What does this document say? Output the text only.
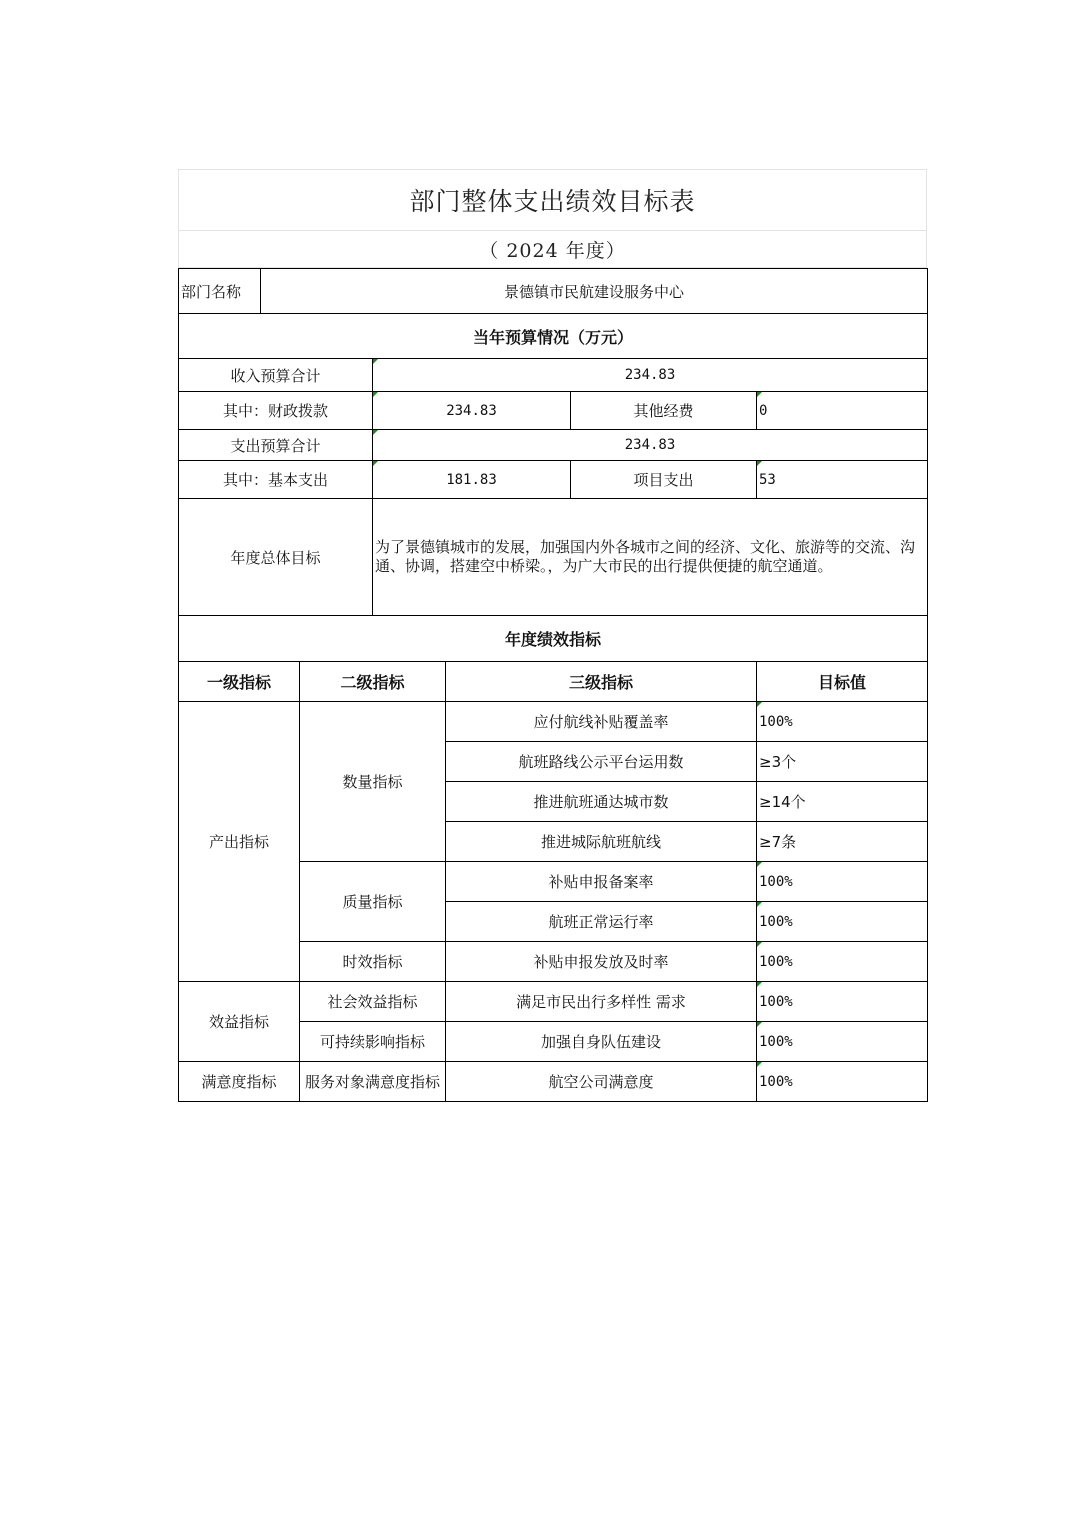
部门整体支出绩效目标表
（ 2024 年度）
部门名称	景德镇市民航建设服务中心			
当年预算情况（万元）				
收入预算合计		234.83		
其中：财政拨款		234.83	其他经费	0
支出预算合计		234.83		
其中：基本支出		181.83	项目支出	53
年度总体目标		为了景德镇城市的发展，加强国内外各城市之间的经济、文化、旅游等的交流、沟通、协调，搭建空中桥梁。，为广大市民的出行提供便捷的航空通道。		
年度绩效指标				
一级指标	二级指标	三级指标	目标值
产出指标	数量指标	应付航线补贴覆盖率	100%
		航班路线公示平台运用数	≥3个
		推进航班通达城市数	≥14个
		推进城际航班航线	≥7条
	质量指标	补贴申报备案率	100%
		航班正常运行率	100%
	时效指标	补贴申报发放及时率	100%
效益指标	社会效益指标	满足市民出行多样性 需求	100%
	可持续影响指标	加强自身队伍建设	100%
满意度指标	服务对象满意度指标	航空公司满意度	100%
